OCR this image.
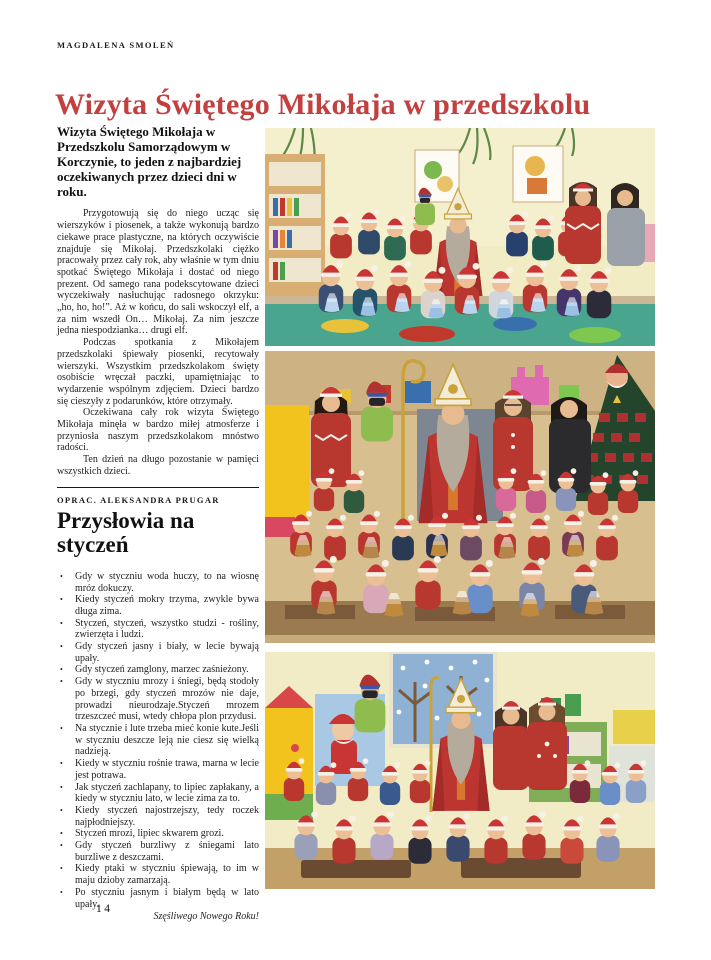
MAGDALENA SMOLEŃ
Wizyta Świętego Mikołaja w przedszkolu

Wizyta Świętego Mikołaja w Przedszkolu Samorządowym w Korczynie, to jeden z najbardziej oczekiwanych przez dzieci dni w roku.

Przygotowują się do niego ucząc się wierszyków i piosenek, a także wykonują bardzo ciekawe prace plastyczne, na których oczywiście znajduje się Mikołaj. Przedszkolaki ciężko pracowały przez cały rok, aby właśnie w tym dniu spotkać Świętego Mikołaja i dostać od niego prezent. Od samego rana podekscytowane dzieci wyczekiwały nasłuchując radosnego okrzyku: „ho, ho, ho!”. Aż w końcu, do sali wskoczył elf, a za nim wszedł On… Mikołaj. Za nim jeszcze jedna niespodzianka… drugi elf.

Podczas spotkania z Mikołajem przedszkolaki śpiewały piosenki, recytowały wierszyki. Wszystkim przedszkolakom święty osobiście wręczał paczki, upamiętniając to wydarzenie wspólnym zdjęciem. Dzieci bardzo się cieszyły z podarunków, które otrzymały.

Oczekiwana cały rok wizyta Świętego Mikołaja minęła w bardzo miłej atmosferze i przyniosła naszym przedszkolakom mnóstwo radości.

Ten dzień na długo pozostanie w pamięci wszystkich dzieci.

OPRAC. ALEKSANDRA PRUGAR

Przysłowia na styczeń
• Gdy w styczniu woda huczy, to na wiosnę mróz dokuczy.
• Kiedy styczeń mokry trzyma, zwykle bywa długa zima.
• Styczeń, styczeń, wszystko studzi - rośliny, zwierzęta i ludzi.
• Gdy styczeń jasny i biały, w lecie bywają upały.
• Gdy styczeń zamglony, marzec zaśnieżony.
• Gdy w styczniu mrozy i śniegi, będą stodoły po brzegi, gdy styczeń mrozów nie daje, prowadzi nieurodzaje.Styczeń mrozem trzeszczeć musi, wtedy chłopa plon przydusi.
• Na stycznie i lute trzeba mieć konie kute.Jeśli w styczniu deszcze leją nie ciesz się wielką nadzieją.
• Kiedy w styczniu rośnie trawa, marna w lecie jest potrawa.
• Jak styczeń zachlapany, to lipiec zapłakany, a kiedy w styczniu lato, w lecie zima za to.
• Kiedy styczeń najostrzejszy, tedy roczek najpłodniejszy.
• Styczeń mrozi, lipiec skwarem grozi.
• Gdy styczeń burzliwy z śniegami lato burzliwe z deszczami.
• Kiedy ptaki w styczniu śpiewają, to im w maju dzioby zamarzają.
• Po styczniu jasnym i białym będą w lato upały.

Szęśliwego Nowego Roku!

14
